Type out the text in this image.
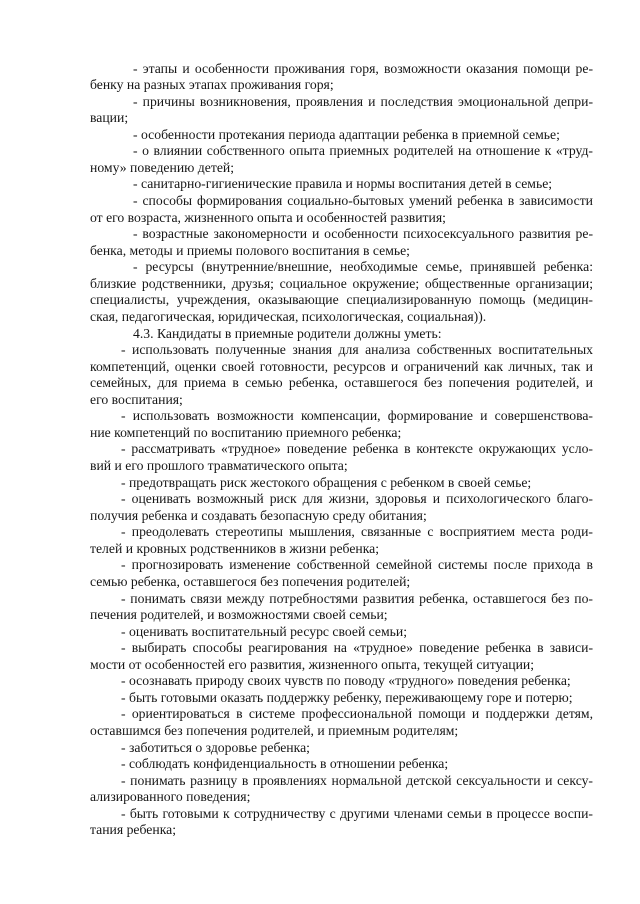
- этапы и особенности проживания горя, возможности оказания помощи ре-
бенку на разных этапах проживания горя;
- причины возникновения, проявления и последствия эмоциональной депри-
вации;
- особенности протекания периода адаптации ребенка в приемной семье;
- о влиянии собственного опыта приемных родителей на отношение к «труд-
ному» поведению детей;
- санитарно-гигиенические правила и нормы воспитания детей в семье;
- способы формирования социально-бытовых умений ребенка в зависимости
от его возраста, жизненного опыта и особенностей развития;
- возрастные закономерности и особенности психосексуального развития ре-
бенка, методы и приемы полового воспитания в семье;
- ресурсы (внутренние/внешние, необходимые семье, принявшей ребенка:
близкие родственники, друзья; социальное окружение; общественные организации;
специалисты, учреждения, оказывающие специализированную помощь (медицин-
ская, педагогическая, юридическая, психологическая, социальная)).
4.3. Кандидаты в приемные родители должны уметь:
- использовать полученные знания для анализа собственных воспитательных
компетенций, оценки своей готовности, ресурсов и ограничений как личных, так и
семейных, для приема в семью ребенка, оставшегося без попечения родителей, и
его воспитания;
- использовать возможности компенсации, формирование и совершенствова-
ние компетенций по воспитанию приемного ребенка;
- рассматривать «трудное» поведение ребенка в контексте окружающих усло-
вий и его прошлого травматического опыта;
- предотвращать риск жестокого обращения с ребенком в своей семье;
- оценивать возможный риск для жизни, здоровья и психологического благо-
получия ребенка и создавать безопасную среду обитания;
- преодолевать стереотипы мышления, связанные с восприятием места роди-
телей и кровных родственников в жизни ребенка;
- прогнозировать изменение собственной семейной системы после прихода в
семью ребенка, оставшегося без попечения родителей;
- понимать связи между потребностями развития ребенка, оставшегося без по-
печения родителей, и возможностями своей семьи;
- оценивать воспитательный ресурс своей семьи;
- выбирать способы реагирования на «трудное» поведение ребенка в зависи-
мости от особенностей его развития, жизненного опыта, текущей ситуации;
- осознавать природу своих чувств по поводу «трудного» поведения ребенка;
- быть готовыми оказать поддержку ребенку, переживающему горе и потерю;
- ориентироваться в системе профессиональной помощи и поддержки детям,
оставшимся без попечения родителей, и приемным родителям;
- заботиться о здоровье ребенка;
- соблюдать конфиденциальность в отношении ребенка;
- понимать разницу в проявлениях нормальной детской сексуальности и сексу-
ализированного поведения;
- быть готовыми к сотрудничеству с другими членами семьи в процессе воспи-
тания ребенка;
